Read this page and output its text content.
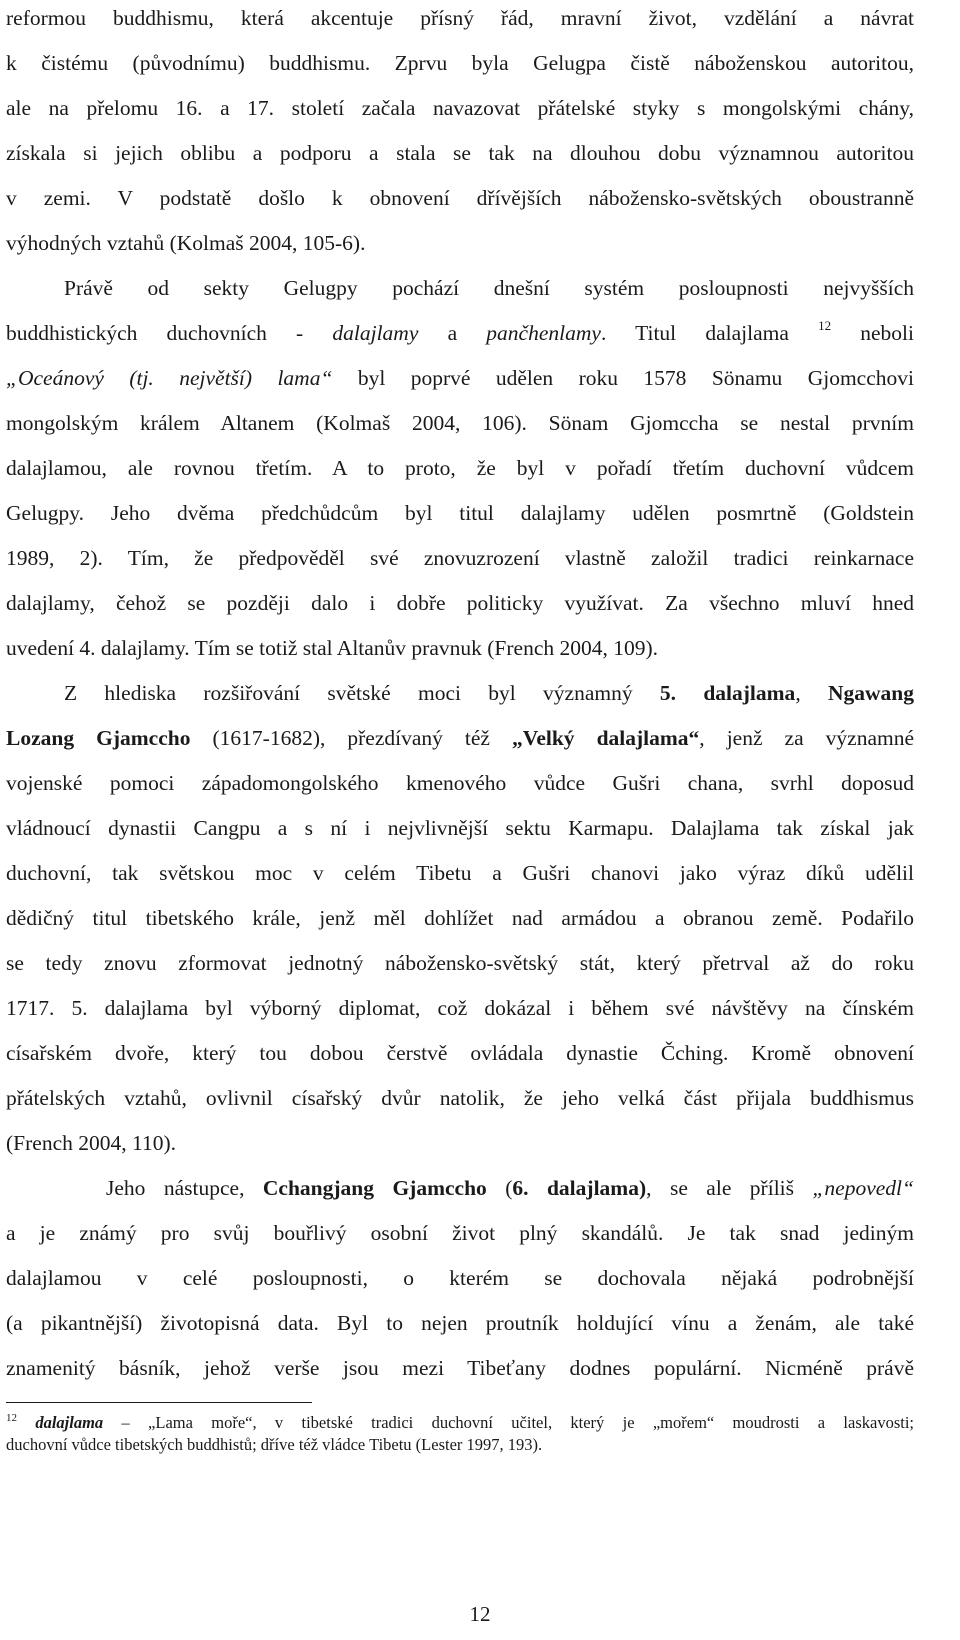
reformou buddhismu, která akcentuje přísný řád, mravní život, vzdělání a návrat
k čistému (původnímu) buddhismu. Zprvu byla Gelugpa čistě náboženskou autoritou,
ale na přelomu 16. a 17. století začala navazovat přátelské styky s mongolskými chány,
získala si jejich oblibu a podporu a stala se tak na dlouhou dobu významnou autoritou
v zemi. V podstatě došlo k obnovení dřívějších nábožensko-světských oboustranně
výhodných vztahů (Kolmaš 2004, 105-6).
Právě od sekty Gelugpy pochází dnešní systém posloupnosti nejvyšších
buddhistických duchovních - dalajlamy a pančhenlamy. Titul dalajlama $^{12}$ neboli
„Oceánový (tj. největší) lama“ byl poprvé udělen roku 1578 Sönamu Gjomcchovi
mongolským králem Altanem (Kolmaš 2004, 106). Sönam Gjomccha se nestal prvním
dalajlamou, ale rovnou třetím. A to proto, že byl v pořadí třetím duchovní vůdcem
Gelugpy. Jeho dvěma předchůdcům byl titul dalajlamy udělen posmrtně (Goldstein
1989, 2). Tím, že předpověděl své znovuzrození vlastně založil tradici reinkarnace
dalajlamy, čehož se později dalo i dobře politicky využívat. Za všechno mluví hned
uvedení 4. dalajlamy. Tím se totiž stal Altanův pravnuk (French 2004, 109).
Z hlediska rozšiřování světské moci byl významný 5. dalajlama, Ngawang
Lozang Gjamccho (1617-1682), přezdívaný též „Velký dalajlama“, jenž za významné
vojenské pomoci západomongolského kmenového vůdce Gušri chana, svrhl doposud
vládnoucí dynastii Cangpu a s ní i nejvlivnější sektu Karmapu. Dalajlama tak získal jak
duchovní, tak světskou moc v celém Tibetu a Gušri chanovi jako výraz díků udělil
dědičný titul tibetského krále, jenž měl dohlížet nad armádou a obranou země. Podařilo
se tedy znovu zformovat jednotný nábožensko-světský stát, který přetrval až do roku
1717. 5. dalajlama byl výborný diplomat, což dokázal i během své návštěvy na čínském
císařském dvoře, který tou dobou čerstvě ovládala dynastie Čching. Kromě obnovení
přátelských vztahů, ovlivnil císařský dvůr natolik, že jeho velká část přijala buddhismus
(French 2004, 110).
Jeho nástupce, Cchangjang Gjamccho (6. dalajlama), se ale příliš „nepovedl“
a je známý pro svůj bouřlivý osobní život plný skandálů. Je tak snad jediným
dalajlamou v celé posloupnosti, o kterém se dochovala nějaká podrobnější
(a pikantnější) životopisná data. Byl to nejen proutník holdující vínu a ženám, ale také
znamenitý básník, jehož verše jsou mezi Tibeťany dodnes populární. Nicméně právě
$^{12}$ dalajlama – „Lama moře“, v tibetské tradici duchovní učitel, který je „mořem“ moudrosti a laskavosti;
duchovní vůdce tibetských buddhistů; dříve též vládce Tibetu (Lester 1997, 193).
12
